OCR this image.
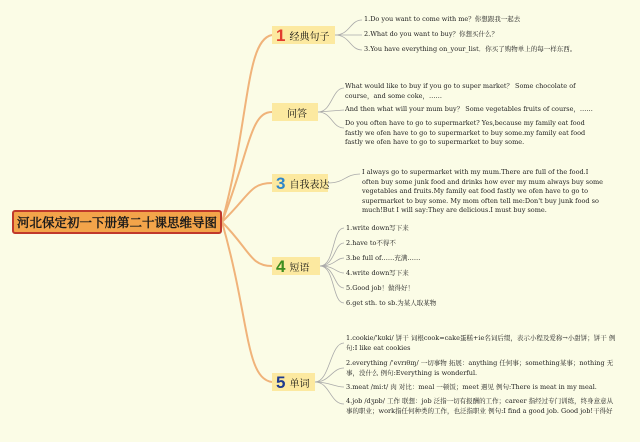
河北保定初一下册第二十课思维导图
1 经典句子
1.Do you want to come with me？你想跟我一起去
2.What do you want to buy？你想买什么？
3.You have everything on_your_list．你买了购物单上的每一样东西。
问答
What would like to buy if you go to super market？ Some chocolate of course，and some coke，……
And then what will your mum buy？ Some vegetables fruits of course，……
Do you often have to go to supermarket? Yes,because my family eat food fastly we ofen have to go to supermarket to buy some.my family eat food fastly we ofen have to go to supermarket to buy some.
3 自我表达
I always go to supermarket with my mum.There are full of the food.I often buy some junk food and drinks how ever my mum always buy some vegetables and fruits.My family eat food fastly we ofen have to go to supermarket to buy some. My mom often tell me:Don't buy junk food so much!But I will say:They are delicious.I must buy some.
4 短语
1.write down写下来
2.have to不得不
3.be full of……充满……
4.write down写下来
5.Good job！做得好！
6.get sth. to sb.为某人取某物
5 单词
1.cookie/'kʊki/ 饼干 词根cook=cake蛋糕+ie名词后缀，表示小程及爱称→小甜饼；饼干 例句:I like eat cookies
2.everything /'evrɪθɪŋ/ 一切事物 拓展：anything 任何事；something某事；nothing 无事，没什么 例句:Everything is wonderful.
3.meat /mi:t/ 肉 对比：meal 一顿饭；meet 遇见 例句:There is meat in my meal.
4.job /dʒɒb/ 工作 联想：job 泛指一切有报酬的工作；career 指经过专门训练，终身意意从事的职业；work指任何种类的工作，也泛指职业 例句:I find a good job. Good job!干得好
